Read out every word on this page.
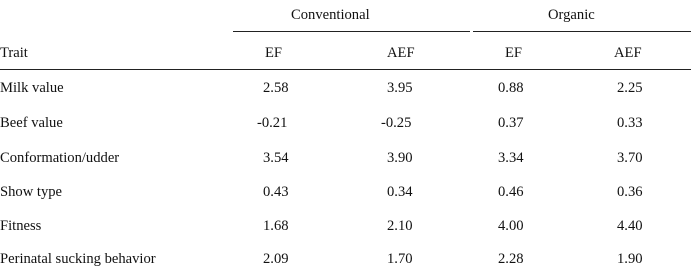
Conventional	Organic
Trait	EF	AEF	EF	AEF
Milk value	2.58	3.95	0.88	2.25
Beef value	-0.21	-0.25	0.37	0.33
Conformation/udder	3.54	3.90	3.34	3.70
Show type	0.43	0.34	0.46	0.36
Fitness	1.68	2.10	4.00	4.40
Perinatal sucking behavior	2.09	1.70	2.28	1.90
